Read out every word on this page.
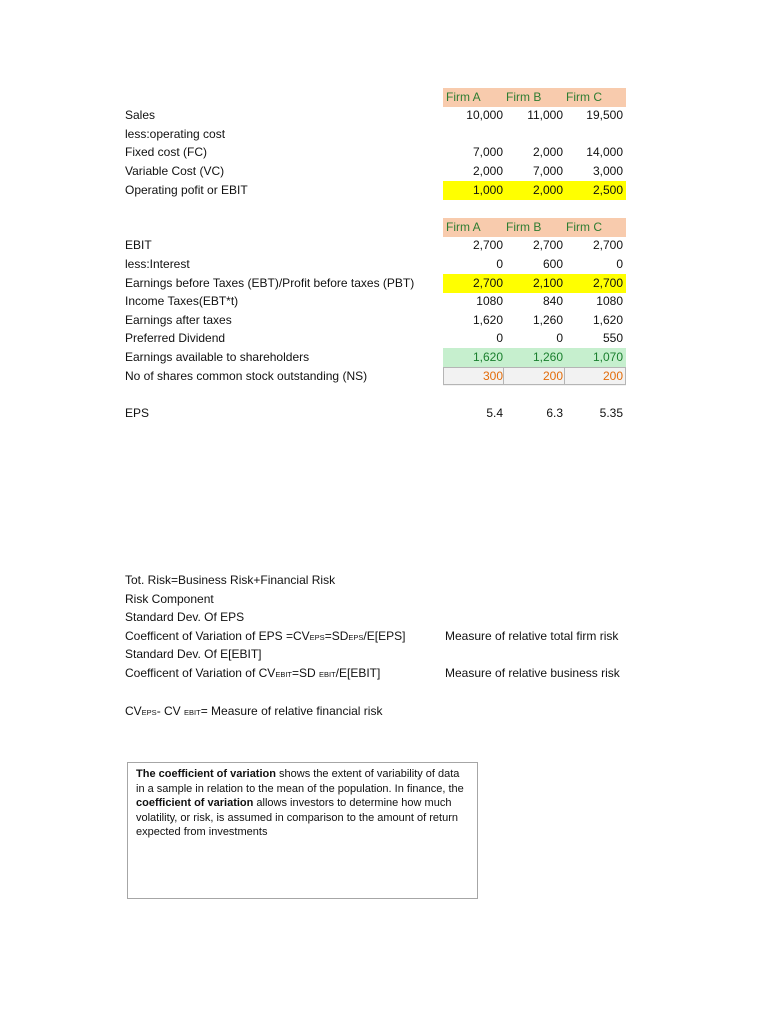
Firm A Firm B Firm C
Sales	10,000	11,000	19,500
less:operating cost
Fixed cost (FC)	7,000	2,000	14,000
Variable Cost (VC)	2,000	7,000	3,000
Operating pofit or EBIT	1,000	2,000	2,500
Firm A Firm B Firm C
EBIT	2,700	2,700	2,700
less:Interest	0	600	0
Earnings before Taxes (EBT)/Profit before taxes (PBT)	2,700	2,100	2,700
Income Taxes(EBT*t)	1080	840	1080
Earnings after taxes	1,620	1,260	1,620
Preferred Dividend	0	0	550
Earnings available to shareholders	1,620	1,260	1,070
No of shares common stock outstanding (NS)	300	200	200
EPS	5.4	6.3	5.35
Tot. Risk=Business Risk+Financial Risk
Risk Component
Standard Dev. Of EPS
Coefficent of Variation of EPS =CVEPS=SDEPS/E[EPS]	Measure of relative total firm risk
Standard Dev. Of E[EBIT]
Coefficent of Variation of CVEBIT=SD EBIT/E[EBIT]	Measure of relative business risk
CVEPS- CV EBIT= Measure of relative financial risk
The coefficient of variation shows the extent of variability of data in a sample in relation to the mean of the population. In finance, the coefficient of variation allows investors to determine how much volatility, or risk, is assumed in comparison to the amount of return expected from investments
